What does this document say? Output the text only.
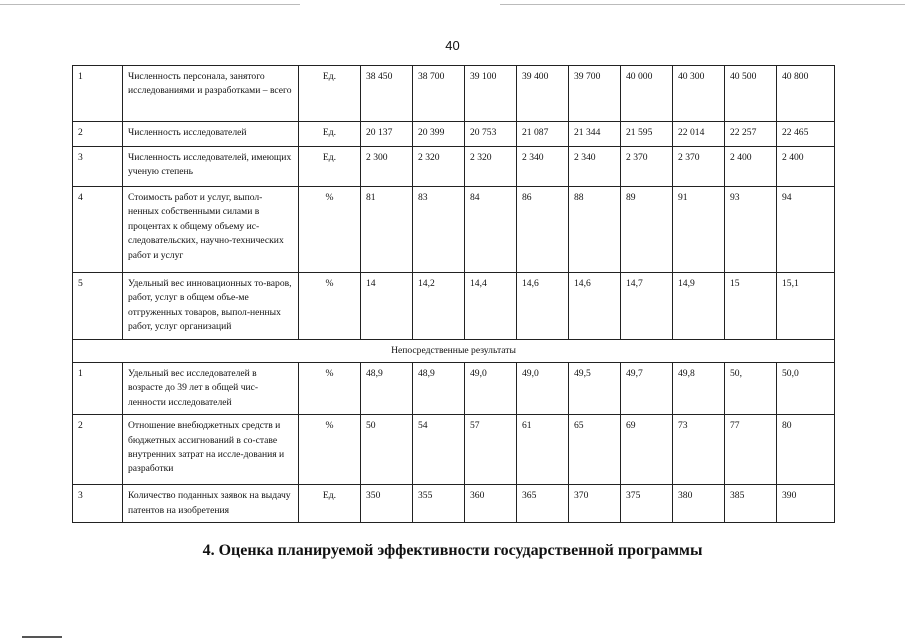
40
1	Численность персонала, занятого исследованиями и разработками – всего	Ед.	38 450	38 700	39 100	39 400	39 700	40 000	40 300	40 500	40 800
2	Численность исследователей	Ед.	20 137	20 399	20 753	21 087	21 344	21 595	22 014	22 257	22 465
3	Численность исследователей, имеющих ученую степень	Ед.	2 300	2 320	2 320	2 340	2 340	2 370	2 370	2 400	2 400
4	Стоимость работ и услуг, выпол-ненных собственными силами в процентах к общему объему ис-следовательских, научно-технических работ и услуг	%	81	83	84	86	88	89	91	93	94
5	Удельный вес инновационных то-варов, работ, услуг в общем объе-ме отгруженных товаров, выпол-ненных работ, услуг организаций	%	14	14,2	14,4	14,6	14,6	14,7	14,9	15	15,1
Непосредственные результаты											
1	Удельный вес исследователей в возрасте до 39 лет в общей чис-ленности исследователей	%	48,9	48,9	49,0	49,0	49,5	49,7	49,8	50,	50,0
2	Отношение внебюджетных средств и бюджетных ассигнований в со-ставе внутренних затрат на иссле-дования и разработки	%	50	54	57	61	65	69	73	77	80
3	Количество поданных заявок на выдачу патентов на изобретения	Ед.	350	355	360	365	370	375	380	385	390
4. Оценка планируемой эффективности государственной программы
